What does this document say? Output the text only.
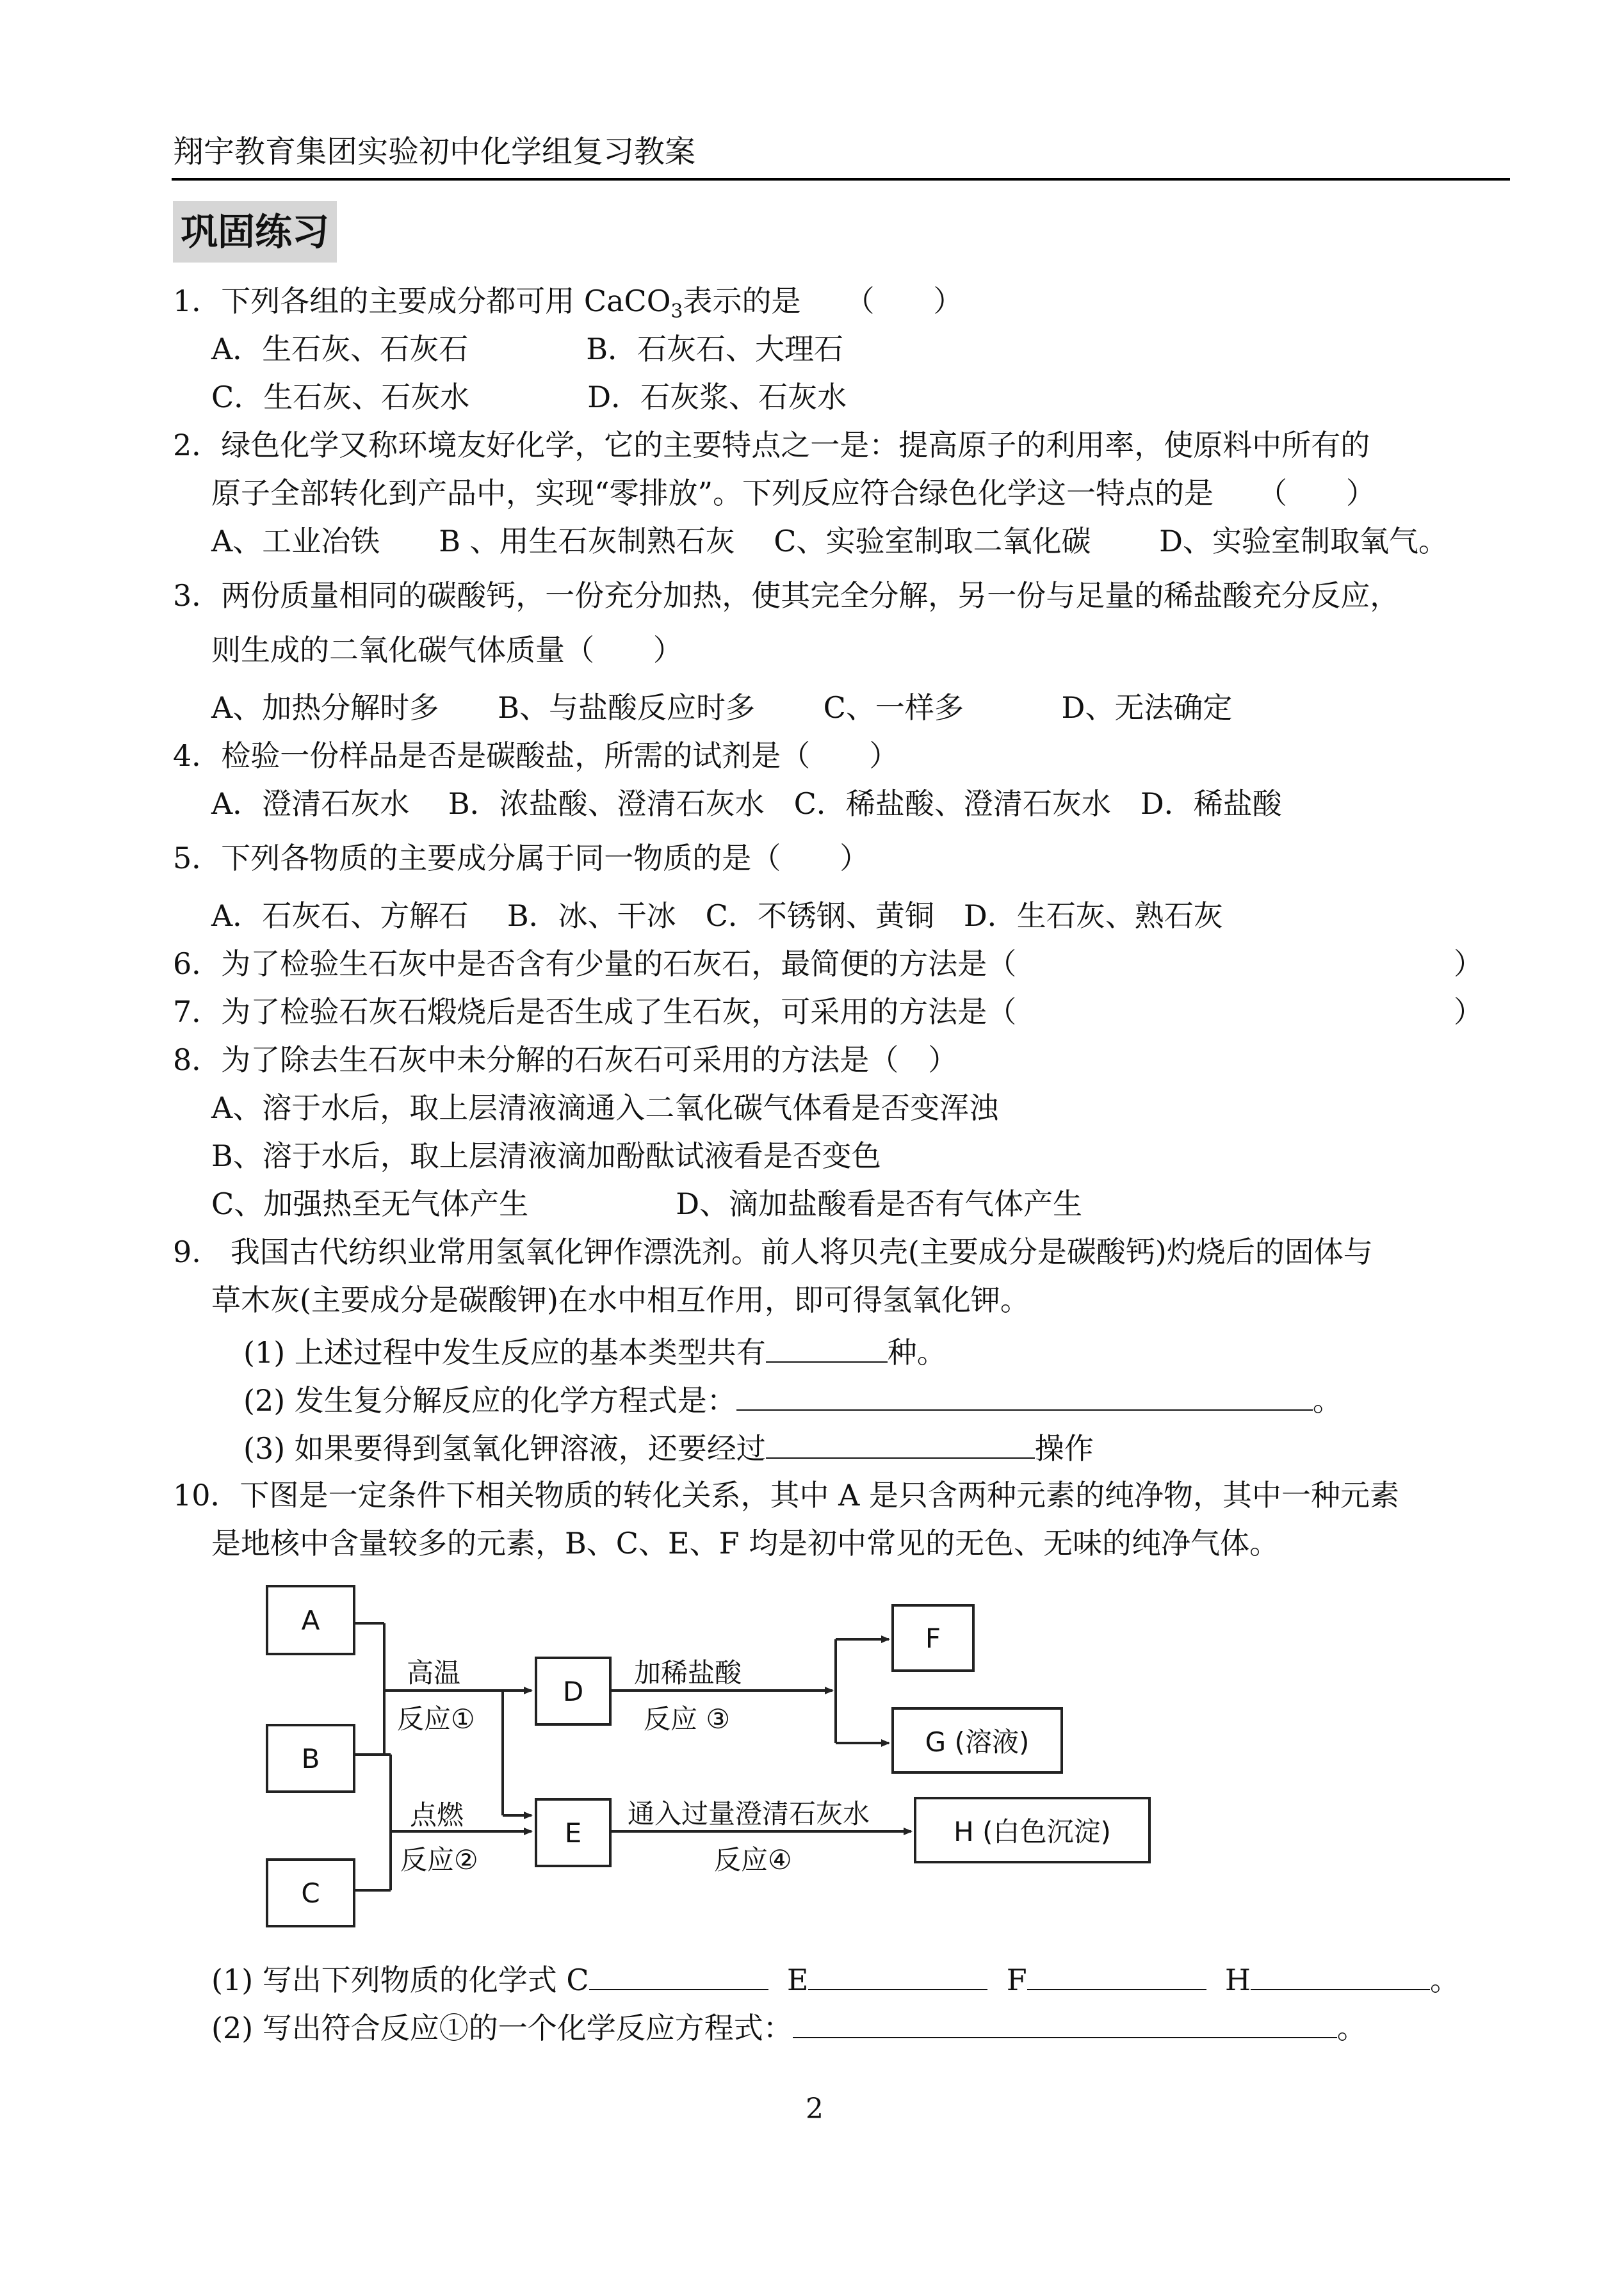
翔宇教育集团实验初中化学组复习教案
巩固练习
1．下列各组的主要成分都可用 CaCO$_3$表示的是　　（　　）
A．生石灰、石灰石　　　　B．石灰石、大理石
C．生石灰、石灰水　　　　D．石灰浆、石灰水
2．绿色化学又称环境友好化学，它的主要特点之一是：提高原子的利用率，使原料中所有的
原子全部转化到产品中，实现“零排放”。下列反应符合绿色化学这一特点的是　　（　　）
A、工业冶铁　　B 、用生石灰制熟石灰　 C、实验室制取二氧化碳　　 D、实验室制取氧气。
3．两份质量相同的碳酸钙，一份充分加热，使其完全分解，另一份与足量的稀盐酸充分反应，
则生成的二氧化碳气体质量（　　）
A、加热分解时多　　B、与盐酸反应时多　　 C、一样多　　　 D、无法确定
4．检验一份样品是否是碳酸盐，所需的试剂是（　　）
A．澄清石灰水　 B．浓盐酸、澄清石灰水　C．稀盐酸、澄清石灰水　D．稀盐酸
5．下列各物质的主要成分属于同一物质的是（　　）
A．石灰石、方解石　 B．冰、干冰　C．不锈钢、黄铜　D．生石灰、熟石灰
6．为了检验生石灰中是否含有少量的石灰石，最简便的方法是（	）
7．为了检验石灰石煅烧后是否生成了生石灰，可采用的方法是（	）
8．为了除去生石灰中未分解的石灰石可采用的方法是（　）
A、溶于水后，取上层清液滴通入二氧化碳气体看是否变浑浊
B、溶于水后，取上层清液滴加酚酞试液看是否变色
C、加强热至无气体产生　　　　　D、滴加盐酸看是否有气体产生
9.　我国古代纺织业常用氢氧化钾作漂洗剂。前人将贝壳(主要成分是碳酸钙)灼烧后的固体与
草木灰(主要成分是碳酸钾)在水中相互作用，即可得氢氧化钾。
(1) 上述过程中发生反应的基本类型共有	种。
(2) 发生复分解反应的化学方程式是：	。
(3) 如果要得到氢氧化钾溶液，还要经过	操作
10．下图是一定条件下相关物质的转化关系，其中 A 是只含两种元素的纯净物，其中一种元素
是地核中含量较多的元素，B、C、E、F 均是初中常见的无色、无味的纯净气体。
A
B
C
D
E
F
G (溶液)
H (白色沉淀)
高温
反应①
点燃
反应②
加稀盐酸
反应 ③
通入过量澄清石灰水
反应④
(1) 写出下列物质的化学式 C	E	F	H	。
(2) 写出符合反应①的一个化学反应方程式：	。
2
